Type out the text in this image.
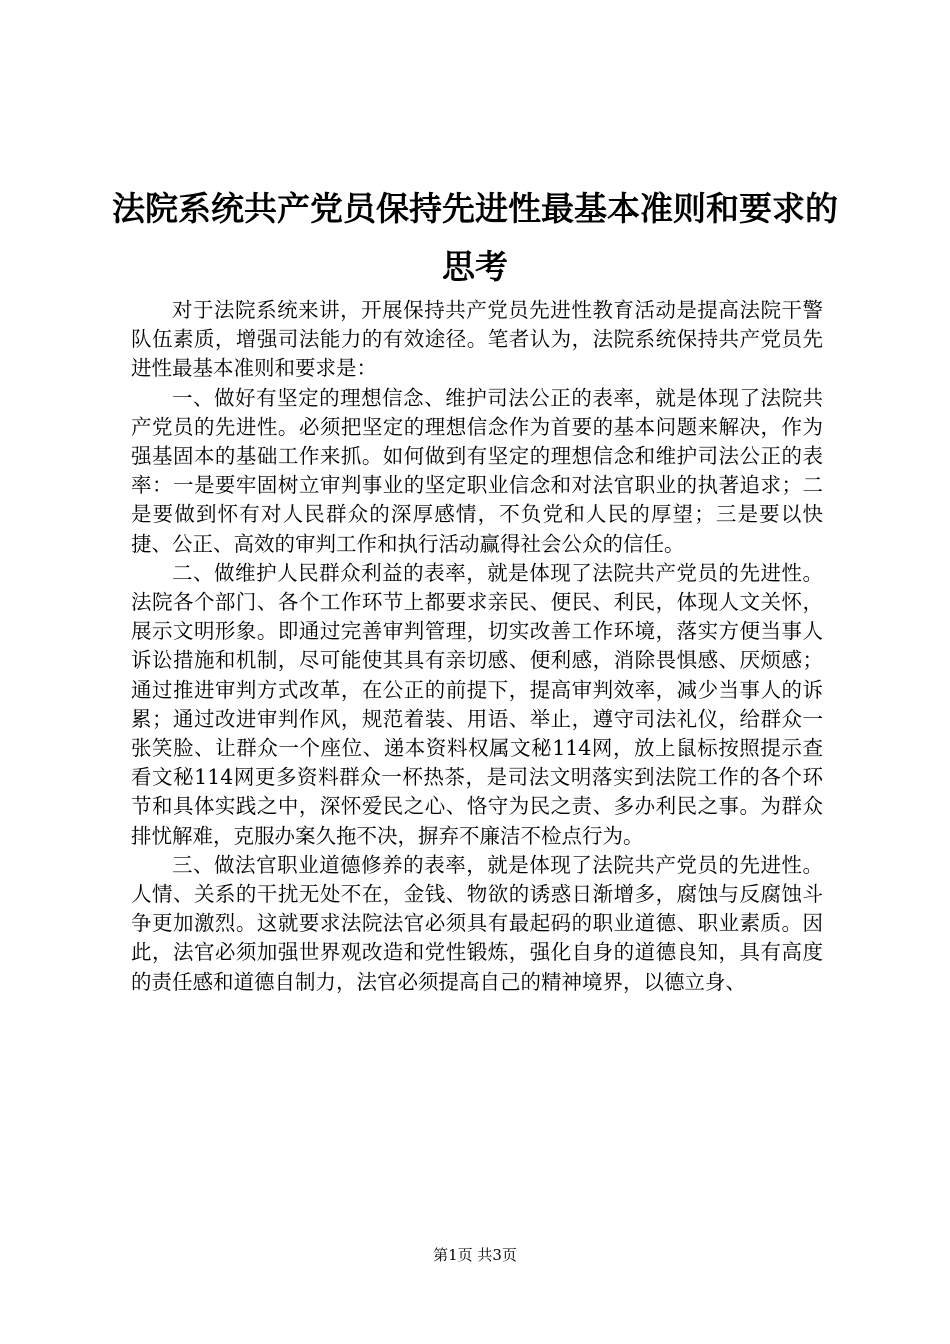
法院系统共产党员保持先进性最基本准则和要求的思考

对于法院系统来讲，开展保持共产党员先进性教育活动是提高法院干警队伍素质，增强司法能力的有效途径。笔者认为，法院系统保持共产党员先进性最基本准则和要求是：

一、做好有坚定的理想信念、维护司法公正的表率，就是体现了法院共产党员的先进性。必须把坚定的理想信念作为首要的基本问题来解决，作为强基固本的基础工作来抓。如何做到有坚定的理想信念和维护司法公正的表率：一是要牢固树立审判事业的坚定职业信念和对法官职业的执著追求；二是要做到怀有对人民群众的深厚感情，不负党和人民的厚望；三是要以快捷、公正、高效的审判工作和执行活动赢得社会公众的信任。

二、做维护人民群众利益的表率，就是体现了法院共产党员的先进性。法院各个部门、各个工作环节上都要求亲民、便民、利民，体现人文关怀，展示文明形象。即通过完善审判管理，切实改善工作环境，落实方便当事人诉讼措施和机制，尽可能使其具有亲切感、便利感，消除畏惧感、厌烦感；通过推进审判方式改革，在公正的前提下，提高审判效率，减少当事人的诉累；通过改进审判作风，规范着装、用语、举止，遵守司法礼仪，给群众一张笑脸、让群众一个座位、递本资料权属文秘114网，放上鼠标按照提示查看文秘114网更多资料群众一杯热茶，是司法文明落实到法院工作的各个环节和具体实践之中，深怀爱民之心、恪守为民之责、多办利民之事。为群众排忧解难，克服办案久拖不决，摒弃不廉洁不检点行为。

三、做法官职业道德修养的表率，就是体现了法院共产党员的先进性。人情、关系的干扰无处不在，金钱、物欲的诱惑日渐增多，腐蚀与反腐蚀斗争更加激烈。这就要求法院法官必须具有最起码的职业道德、职业素质。因此，法官必须加强世界观改造和党性锻炼，强化自身的道德良知，具有高度的责任感和道德自制力，法官必须提高自己的精神境界，以德立身、

第1页 共3页
